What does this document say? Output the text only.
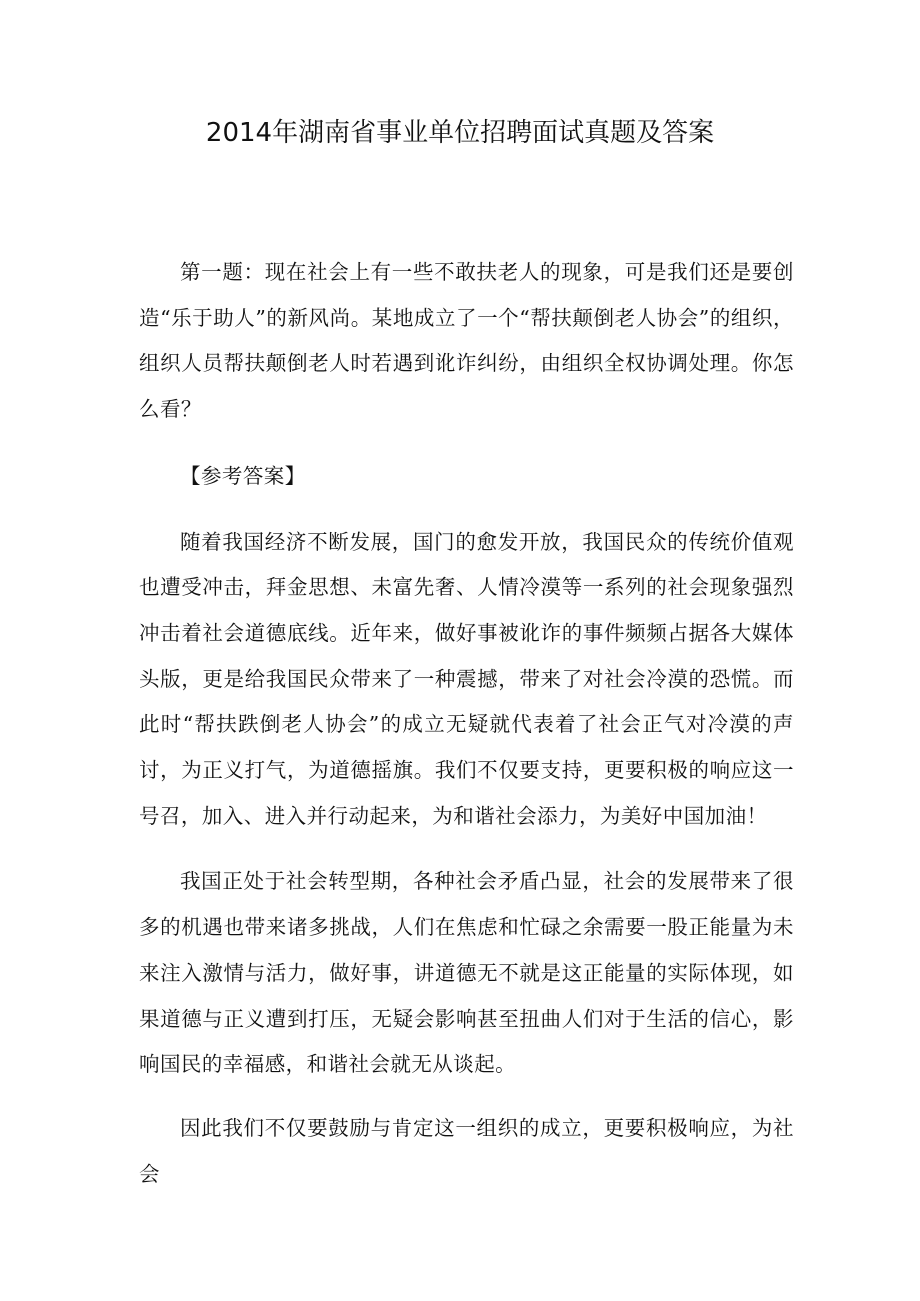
2014年湖南省事业单位招聘面试真题及答案

第一题：现在社会上有一些不敢扶老人的现象，可是我们还是要创造“乐于助人”的新风尚。某地成立了一个“帮扶颠倒老人协会”的组织，组织人员帮扶颠倒老人时若遇到讹诈纠纷，由组织全权协调处理。你怎么看？

【参考答案】

随着我国经济不断发展，国门的愈发开放，我国民众的传统价值观也遭受冲击，拜金思想、未富先奢、人情冷漠等一系列的社会现象强烈冲击着社会道德底线。近年来，做好事被讹诈的事件频频占据各大媒体头版，更是给我国民众带来了一种震撼，带来了对社会冷漠的恐慌。而此时“帮扶跌倒老人协会”的成立无疑就代表着了社会正气对冷漠的声讨，为正义打气，为道德摇旗。我们不仅要支持，更要积极的响应这一号召，加入、进入并行动起来，为和谐社会添力，为美好中国加油！

我国正处于社会转型期，各种社会矛盾凸显，社会的发展带来了很多的机遇也带来诸多挑战，人们在焦虑和忙碌之余需要一股正能量为未来注入激情与活力，做好事，讲道德无不就是这正能量的实际体现，如果道德与正义遭到打压，无疑会影响甚至扭曲人们对于生活的信心，影响国民的幸福感，和谐社会就无从谈起。

因此我们不仅要鼓励与肯定这一组织的成立，更要积极响应，为社会
